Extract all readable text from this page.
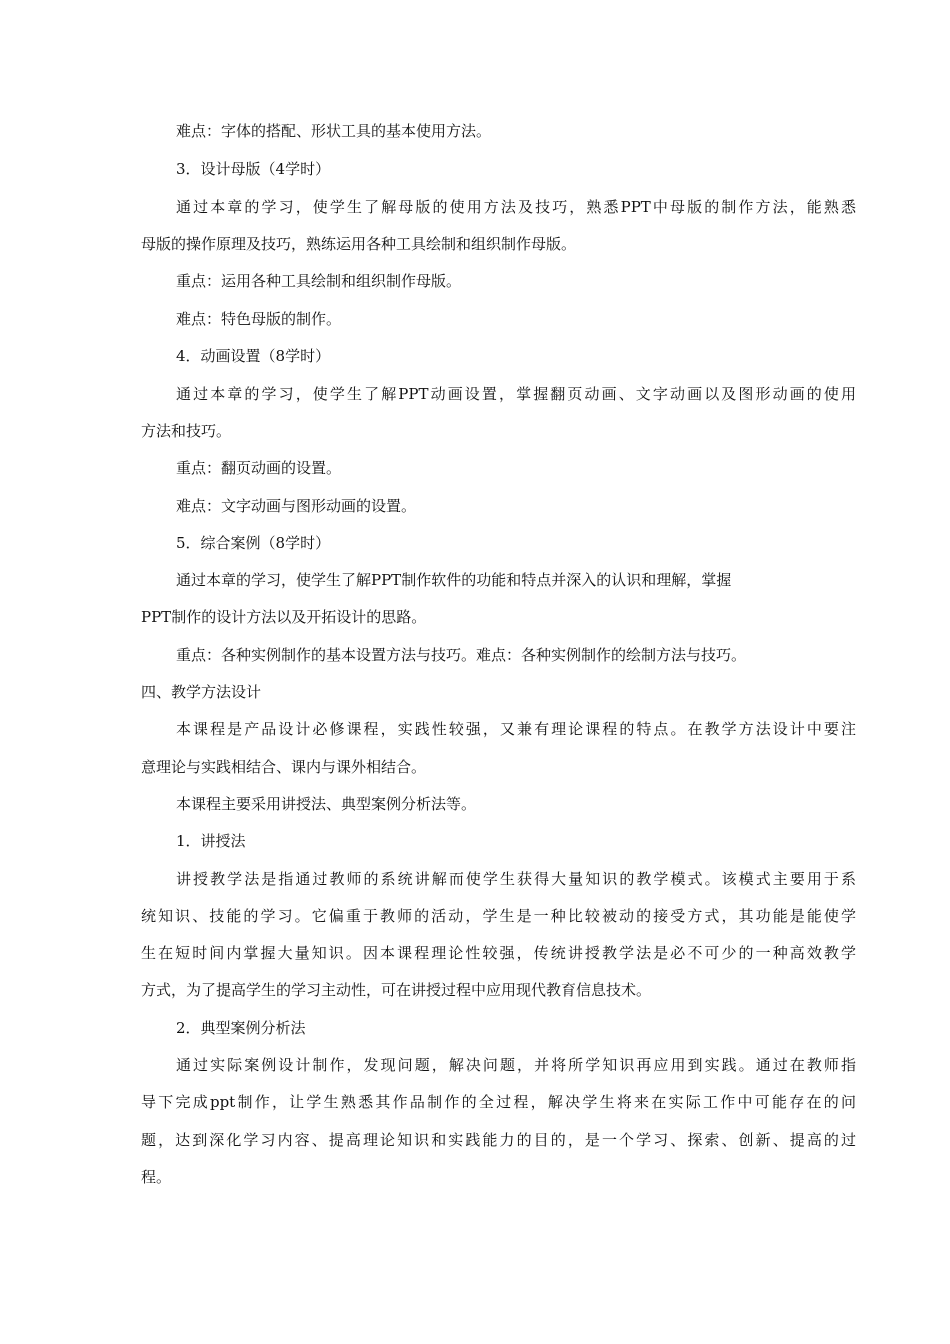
难点：字体的搭配、形状工具的基本使用方法。
3．设计母版（4学时）
通过本章的学习，使学生了解母版的使用方法及技巧，熟悉PPT中母版的制作方法，能熟悉
母版的操作原理及技巧，熟练运用各种工具绘制和组织制作母版。
重点：运用各种工具绘制和组织制作母版。
难点：特色母版的制作。
4．动画设置（8学时）
通过本章的学习，使学生了解PPT动画设置，掌握翻页动画、文字动画以及图形动画的使用
方法和技巧。
重点：翻页动画的设置。
难点：文字动画与图形动画的设置。
5．综合案例（8学时）
通过本章的学习，使学生了解PPT制作软件的功能和特点并深入的认识和理解，掌握
PPT制作的设计方法以及开拓设计的思路。
重点：各种实例制作的基本设置方法与技巧。难点：各种实例制作的绘制方法与技巧。
四、教学方法设计
本课程是产品设计必修课程，实践性较强，又兼有理论课程的特点。在教学方法设计中要注
意理论与实践相结合、课内与课外相结合。
本课程主要采用讲授法、典型案例分析法等。
1．讲授法
讲授教学法是指通过教师的系统讲解而使学生获得大量知识的教学模式。该模式主要用于系
统知识、技能的学习。它偏重于教师的活动，学生是一种比较被动的接受方式，其功能是能使学
生在短时间内掌握大量知识。因本课程理论性较强，传统讲授教学法是必不可少的一种高效教学
方式，为了提高学生的学习主动性，可在讲授过程中应用现代教育信息技术。
2．典型案例分析法
通过实际案例设计制作，发现问题，解决问题，并将所学知识再应用到实践。通过在教师指
导下完成ppt制作，让学生熟悉其作品制作的全过程，解决学生将来在实际工作中可能存在的问
题，达到深化学习内容、提高理论知识和实践能力的目的，是一个学习、探索、创新、提高的过
程。
